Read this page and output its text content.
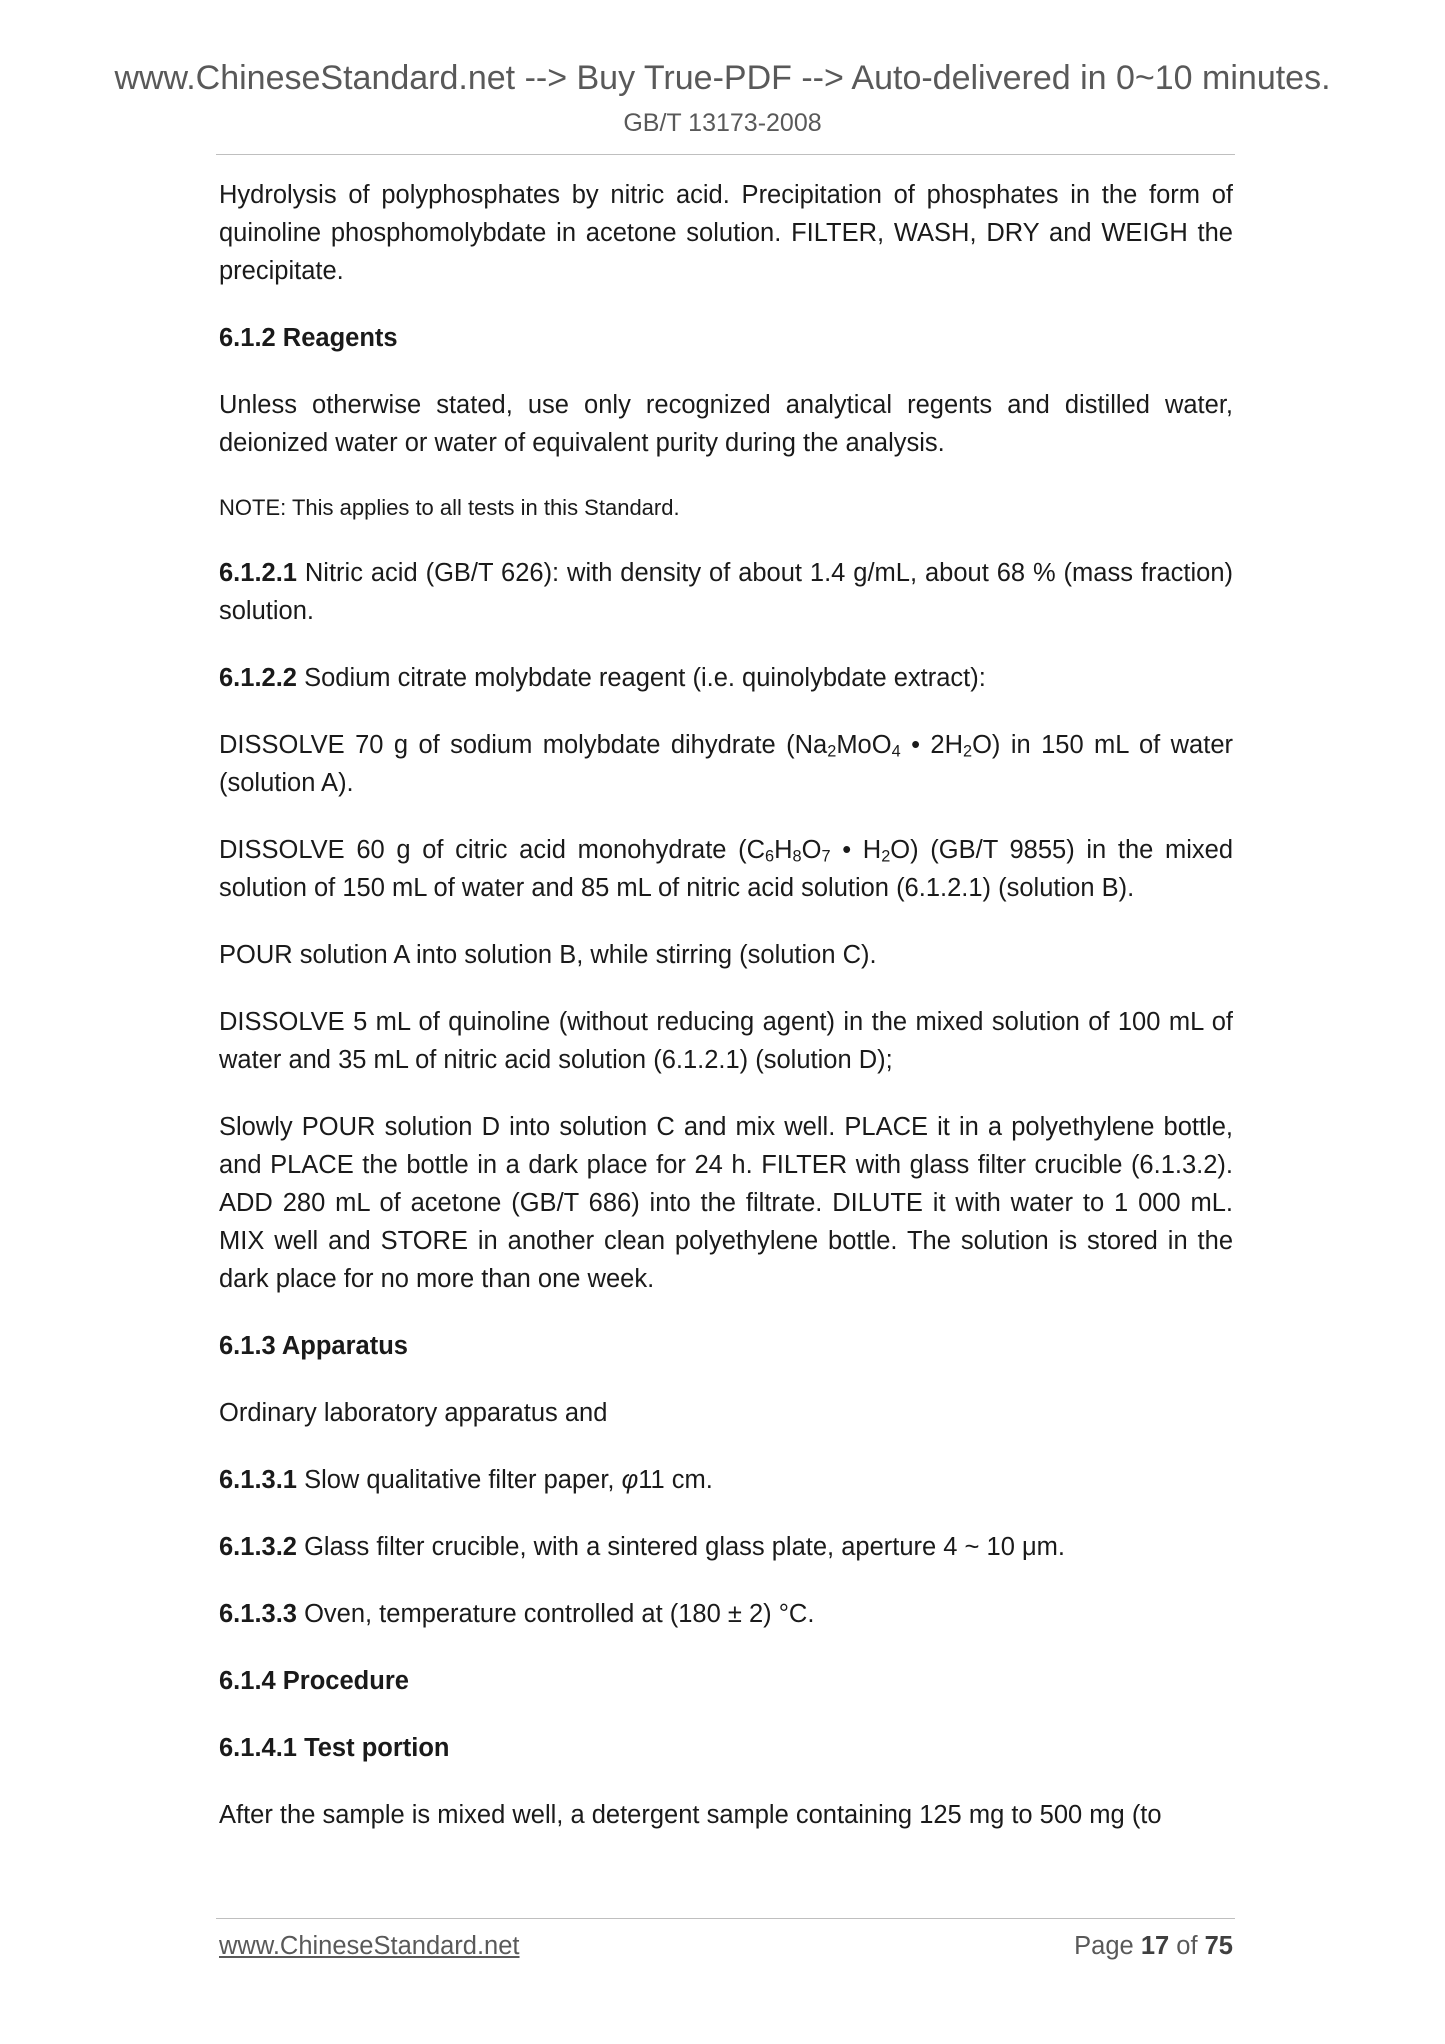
www.ChineseStandard.net --> Buy True-PDF --> Auto-delivered in 0~10 minutes.
GB/T 13173-2008

Hydrolysis of polyphosphates by nitric acid. Precipitation of phosphates in the form of quinoline phosphomolybdate in acetone solution. FILTER, WASH, DRY and WEIGH the precipitate.

6.1.2 Reagents

Unless otherwise stated, use only recognized analytical regents and distilled water, deionized water or water of equivalent purity during the analysis.

NOTE: This applies to all tests in this Standard.

6.1.2.1 Nitric acid (GB/T 626): with density of about 1.4 g/mL, about 68 % (mass fraction) solution.

6.1.2.2 Sodium citrate molybdate reagent (i.e. quinolybdate extract):

DISSOLVE 70 g of sodium molybdate dihydrate ($Na_2MoO_4$ • $2H_2O$) in 150 mL of water (solution A).

DISSOLVE 60 g of citric acid monohydrate ($C_6H_8O_7$ • $H_2O$) (GB/T 9855) in the mixed solution of 150 mL of water and 85 mL of nitric acid solution (6.1.2.1) (solution B).

POUR solution A into solution B, while stirring (solution C).

DISSOLVE 5 mL of quinoline (without reducing agent) in the mixed solution of 100 mL of water and 35 mL of nitric acid solution (6.1.2.1) (solution D);

Slowly POUR solution D into solution C and mix well. PLACE it in a polyethylene bottle, and PLACE the bottle in a dark place for 24 h. FILTER with glass filter crucible (6.1.3.2). ADD 280 mL of acetone (GB/T 686) into the filtrate. DILUTE it with water to 1 000 mL. MIX well and STORE in another clean polyethylene bottle. The solution is stored in the dark place for no more than one week.

6.1.3 Apparatus

Ordinary laboratory apparatus and

6.1.3.1 Slow qualitative filter paper, φ11 cm.

6.1.3.2 Glass filter crucible, with a sintered glass plate, aperture 4 ~ 10 μm.

6.1.3.3 Oven, temperature controlled at (180 ± 2) °C.

6.1.4 Procedure

6.1.4.1 Test portion

After the sample is mixed well, a detergent sample containing 125 mg to 500 mg (to

www.ChineseStandard.net	Page 17 of 75
